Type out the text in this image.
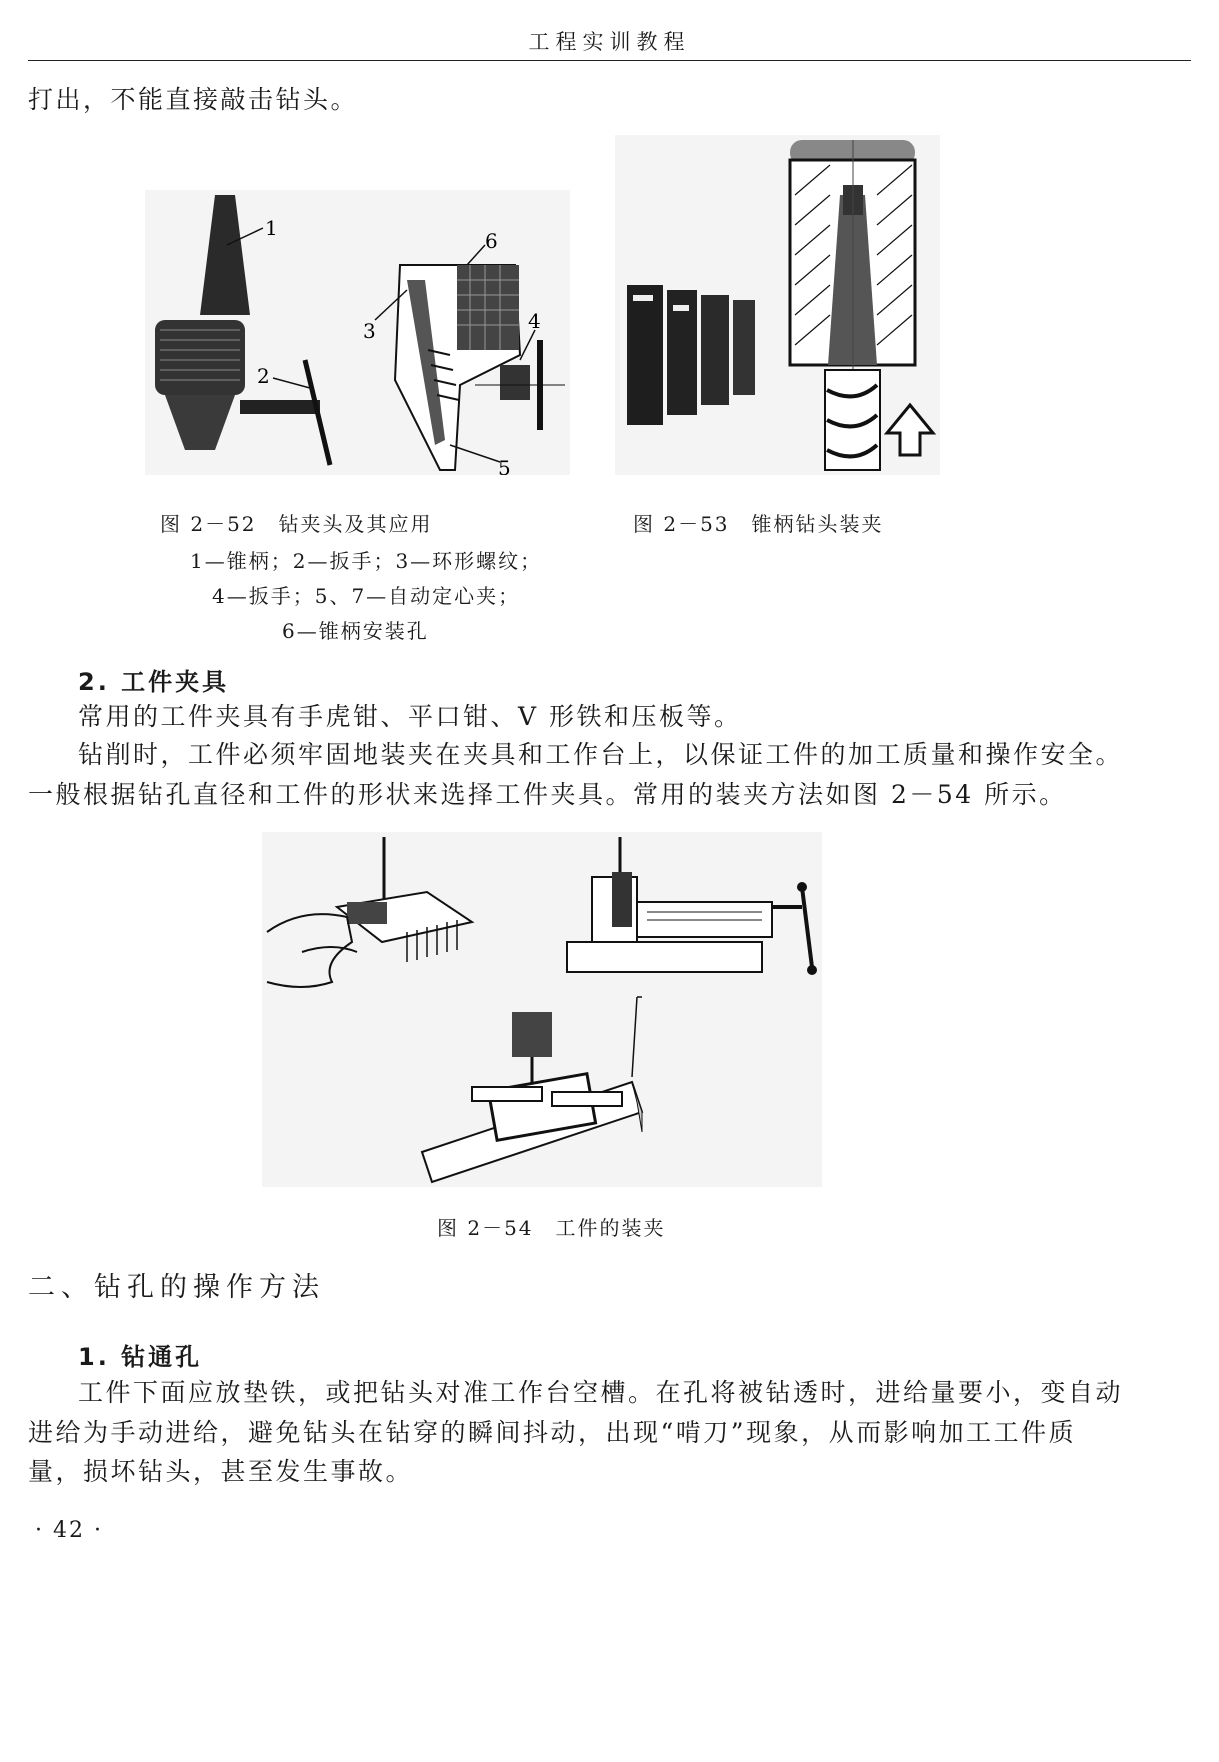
工程实训教程
打出，不能直接敲击钻头。
1
2
3	4
5
6
图 2－52　钻夹头及其应用
1—锥柄；2—扳手；3—环形螺纹；
4—扳手；5、7—自动定心夹；
6—锥柄安装孔
图 2－53　锥柄钻头装夹
2. 工件夹具
常用的工件夹具有手虎钳、平口钳、V 形铁和压板等。
钻削时，工件必须牢固地装夹在夹具和工作台上，以保证工件的加工质量和操作安全。
一般根据钻孔直径和工件的形状来选择工件夹具。常用的装夹方法如图 2－54 所示。
图 2－54　工件的装夹
二、钻孔的操作方法
1. 钻通孔
工件下面应放垫铁，或把钻头对准工作台空槽。在孔将被钻透时，进给量要小，变自动
进给为手动进给，避免钻头在钻穿的瞬间抖动，出现“啃刀”现象，从而影响加工工件质
量，损坏钻头，甚至发生事故。
· 42 ·
